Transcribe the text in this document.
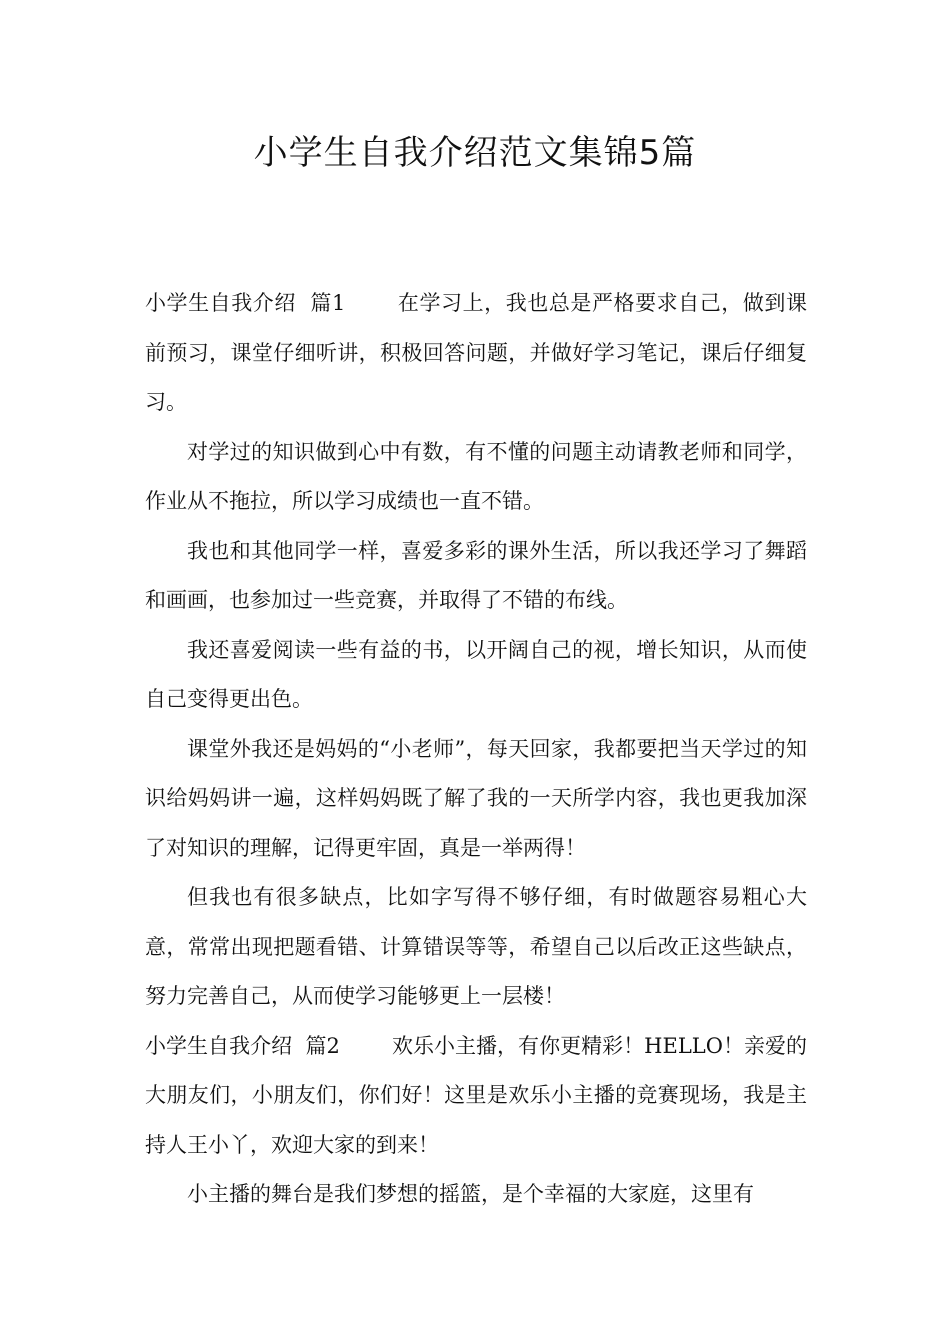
小学生自我介绍范文集锦5篇

小学生自我介绍  篇1 在学习上，我也总是严格要求自己，做到课前预习，课堂仔细听讲，积极回答问题，并做好学习笔记，课后仔细复习。

对学过的知识做到心中有数，有不懂的问题主动请教老师和同学，作业从不拖拉，所以学习成绩也一直不错。

我也和其他同学一样，喜爱多彩的课外生活，所以我还学习了舞蹈和画画，也参加过一些竞赛，并取得了不错的布线。

我还喜爱阅读一些有益的书，以开阔自己的视，增长知识，从而使自己变得更出色。

课堂外我还是妈妈的“小老师”，每天回家，我都要把当天学过的知识给妈妈讲一遍，这样妈妈既了解了我的一天所学内容，我也更我加深了对知识的理解，记得更牢固，真是一举两得！

但我也有很多缺点，比如字写得不够仔细，有时做题容易粗心大意，常常出现把题看错、计算错误等等，希望自己以后改正这些缺点，努力完善自己，从而使学习能够更上一层楼！

小学生自我介绍  篇2 欢乐小主播，有你更精彩！HELLO！亲爱的大朋友们，小朋友们，你们好！这里是欢乐小主播的竞赛现场，我是主持人王小丫，欢迎大家的到来！

小主播的舞台是我们梦想的摇篮，是个幸福的大家庭，这里有
